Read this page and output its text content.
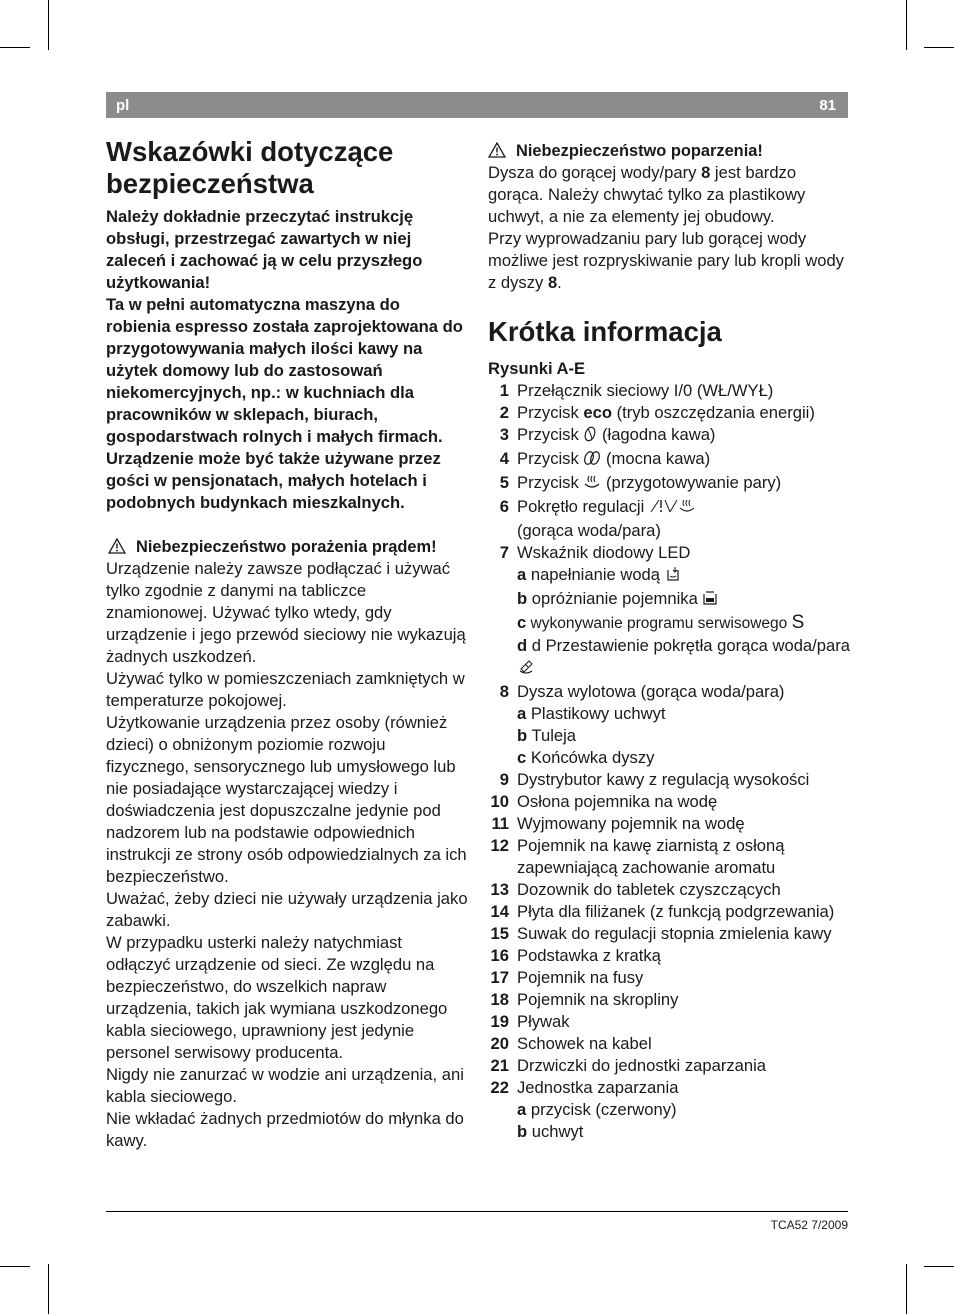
pl	81
Wskazówki dotyczące bezpieczeństwa

Należy dokładnie przeczytać instrukcję obsługi, przestrzegać zawartych w niej zaleceń i zachować ją w celu przyszłego użytkowania!

Ta w pełni automatyczna maszyna do robienia espresso została zaprojektowana do przygotowywania małych ilości kawy na użytek domowy lub do zastosowań niekomercyjnych, np.: w kuchniach dla pracowników w sklepach, biurach, gospodarstwach rolnych i małych firmach. Urządzenie może być także używane przez gości w pensjonatach, małych hotelach i podobnych budynkach mieszkalnych.

Niebezpieczeństwo porażenia prądem!

Urządzenie należy zawsze podłączać i używać tylko zgodnie z danymi na tabliczce znamionowej. Używać tylko wtedy, gdy urządzenie i jego przewód sieciowy nie wykazują żadnych uszkodzeń.

Używać tylko w pomieszczeniach zamkniętych w temperaturze pokojowej.

Użytkowanie urządzenia przez osoby (również dzieci) o obniżonym poziomie rozwoju fizycznego, sensorycznego lub umysłowego lub nie posiadające wystarczającej wiedzy i doświadczenia jest dopuszczalne jedynie pod nadzorem lub na podstawie odpowiednich instrukcji ze strony osób odpowiedzialnych za ich bezpieczeństwo.

Uważać, żeby dzieci nie używały urządzenia jako zabawki.

W przypadku usterki należy natychmiast odłączyć urządzenie od sieci. Ze względu na bezpieczeństwo, do wszelkich napraw urządzenia, takich jak wymiana uszkodzonego kabla sieciowego, uprawniony jest jedynie personel serwisowy producenta.

Nigdy nie zanurzać w wodzie ani urządzenia, ani kabla sieciowego.

Nie wkładać żadnych przedmiotów do młynka do kawy.

Niebezpieczeństwo poparzenia!

Dysza do gorącej wody/pary 8 jest bardzo gorąca. Należy chwytać tylko za plastikowy uchwyt, a nie za elementy jej obudowy.

Przy wyprowadzaniu pary lub gorącej wody możliwe jest rozpryskiwanie pary lub kropli wody z dyszy 8.

Krótka informacja
Rysunki A-E
1 Przełącznik sieciowy I/0 (WŁ/WYŁ)
2 Przycisk eco (tryb oszczędzania energii)
3 Przycisk  (łagodna kawa)
4 Przycisk  (mocna kawa)
5 Przycisk  (przygotowywanie pary)
6 Pokrętło regulacji
(gorąca woda/para)
7 Wskaźnik diodowy LED
a napełnianie wodą
b opróżnianie pojemnika
c wykonywanie programu serwisowego S
d d Przestawienie pokrętła gorąca woda/para
8 Dysza wylotowa (gorąca woda/para)
a Plastikowy uchwyt
b Tuleja
c Końcówka dyszy
9 Dystrybutor kawy z regulacją wysokości
10 Osłona pojemnika na wodę
11 Wyjmowany pojemnik na wodę
12 Pojemnik na kawę ziarnistą z osłoną zapewniającą zachowanie aromatu
13 Dozownik do tabletek czyszczących
14 Płyta dla filiżanek (z funkcją podgrzewania)
15 Suwak do regulacji stopnia zmielenia kawy
16 Podstawka z kratką
17 Pojemnik na fusy
18 Pojemnik na skropliny
19 Pływak
20 Schowek na kabel
21 Drzwiczki do jednostki zaparzania
22 Jednostka zaparzania
a przycisk (czerwony)
b uchwyt
TCA52 7/2009
